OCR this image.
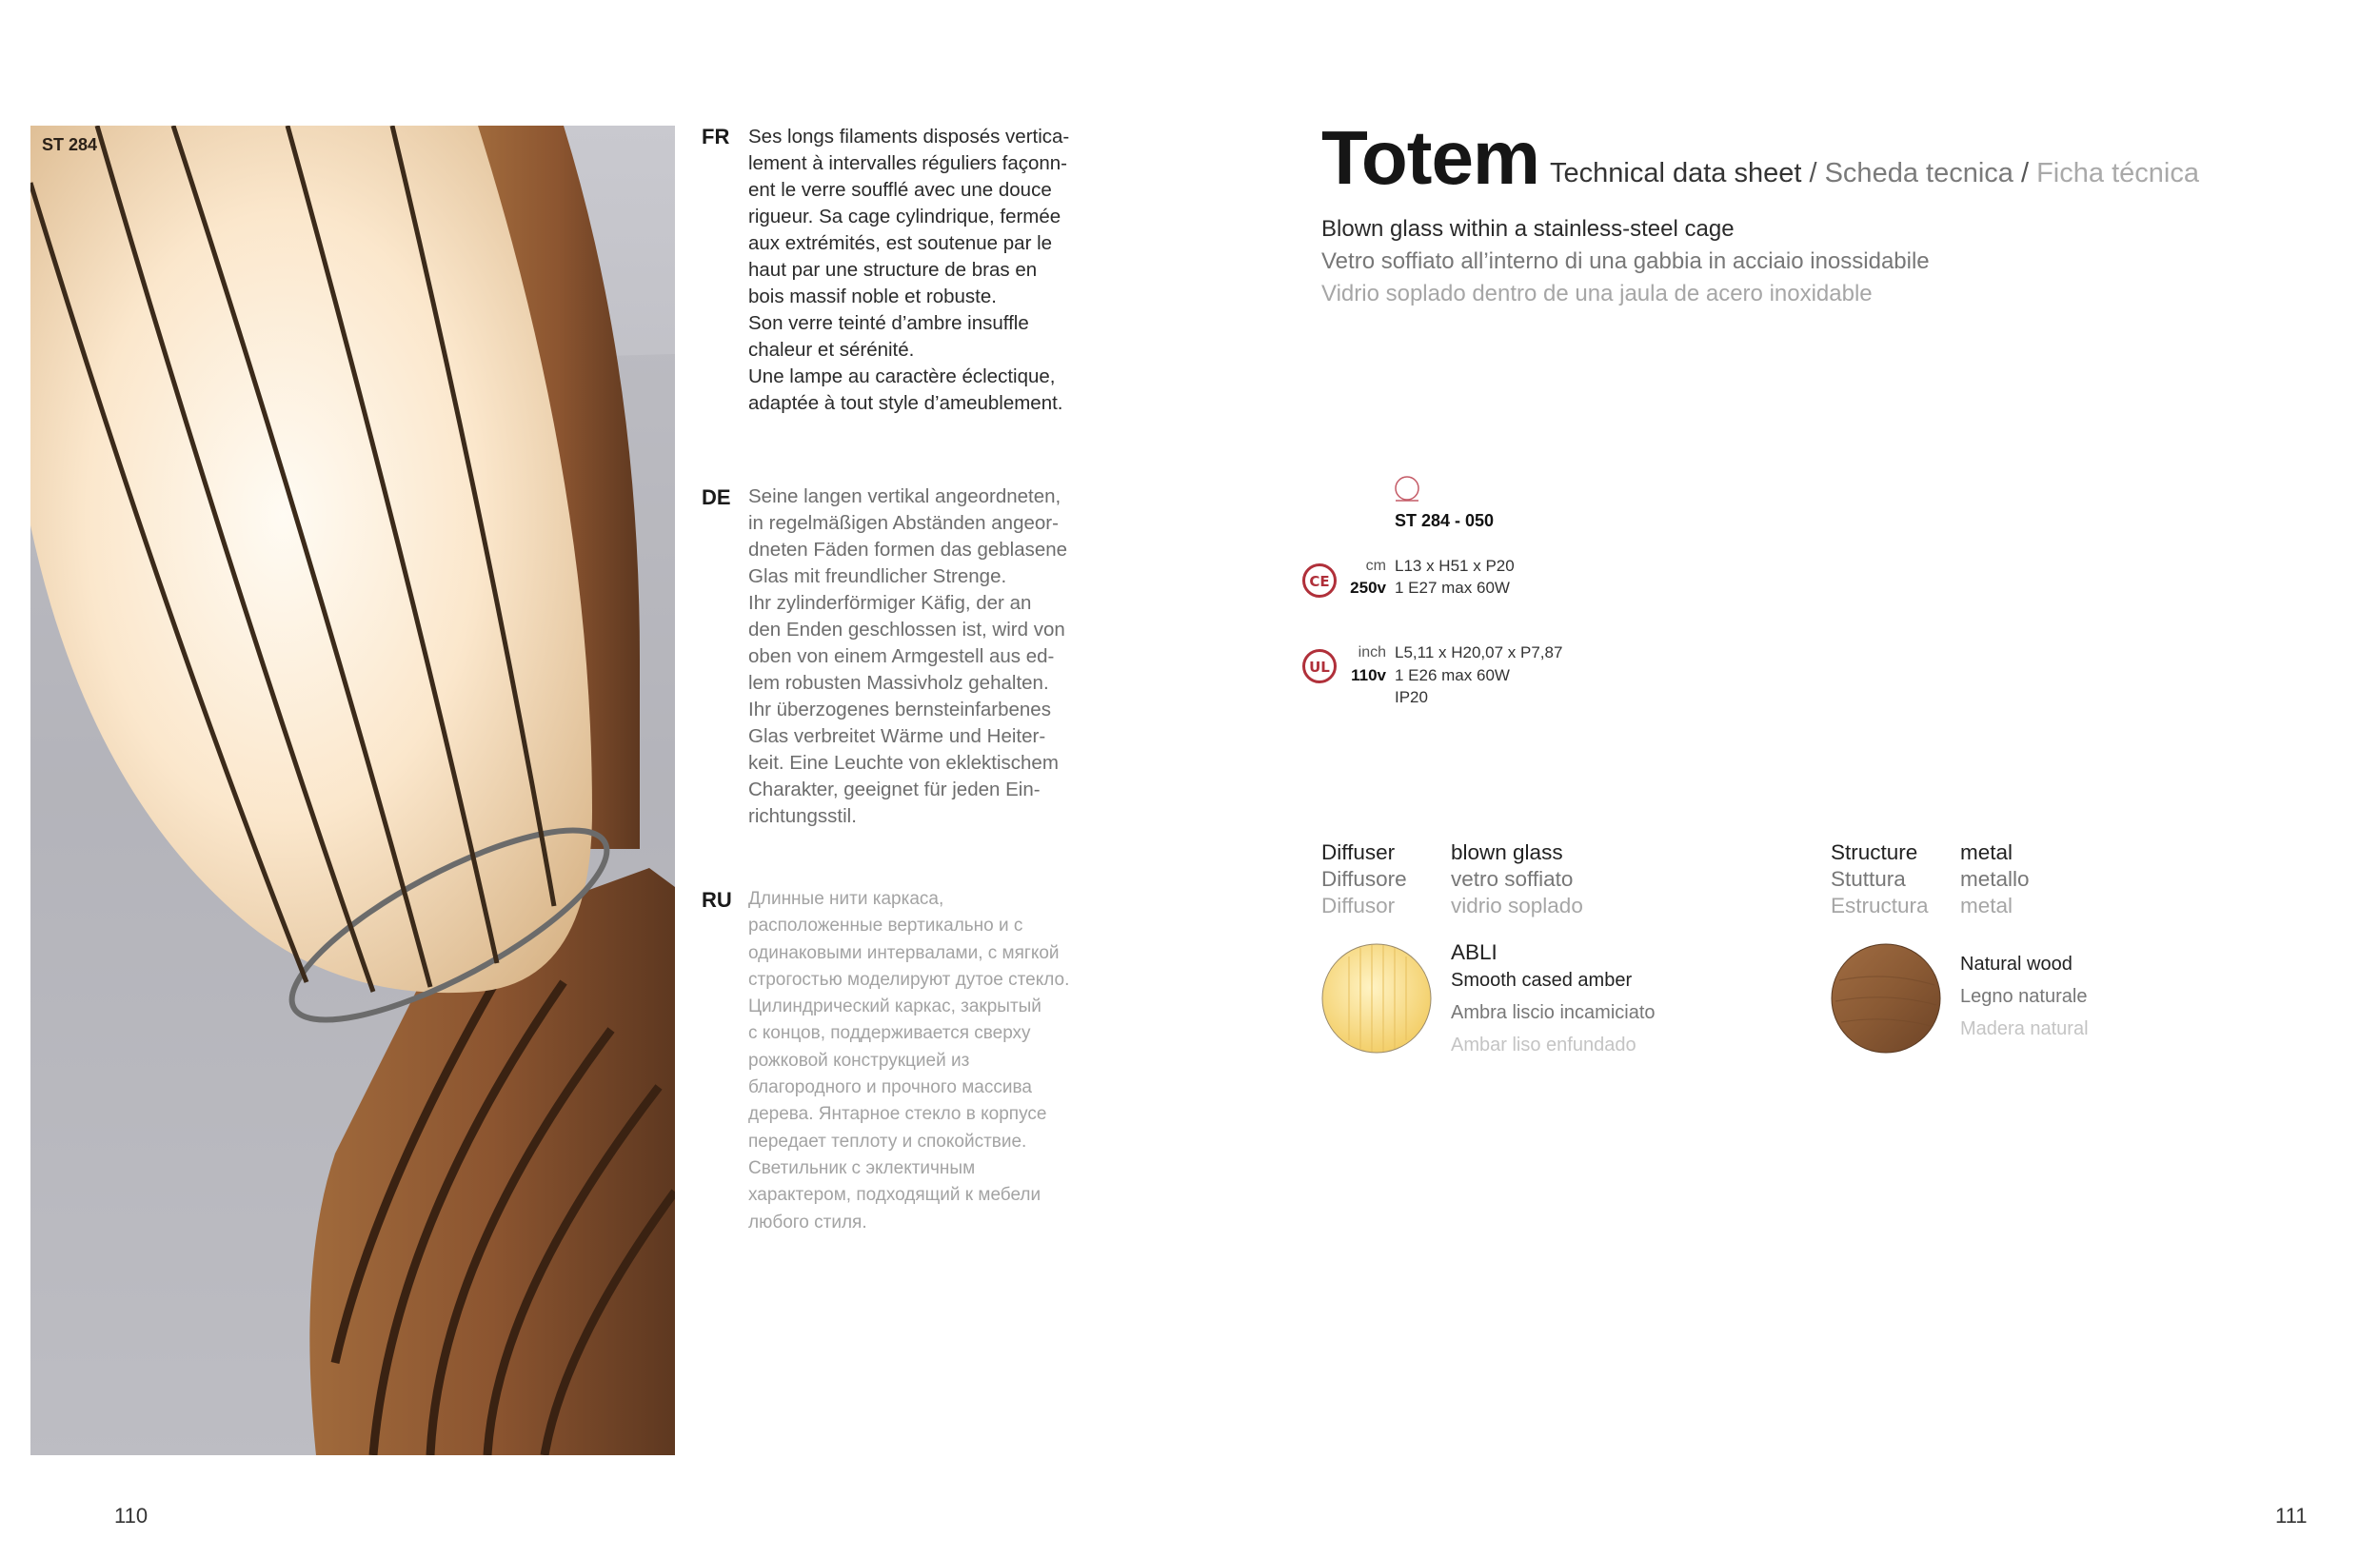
ST 284	FR Ses longs filaments disposés vertica-
lement à intervalles réguliers façonn-
ent le verre soufflé avec une douce
rigueur. Sa cage cylindrique, fermée
aux extrémités, est soutenue par le
haut par une structure de bras en
bois massif noble et robuste.
Son verre teinté d’ambre insuffle
chaleur et sérénité.
Une lampe au caractère éclectique,
adaptée à tout style d’ameublement.
DE Seine langen vertikal angeordneten,
in regelmäßigen Abständen angeor-
dneten Fäden formen das geblasene
Glas mit freundlicher Strenge.
Ihr zylinderförmiger Käfig, der an
den Enden geschlossen ist, wird von
oben von einem Armgestell aus ed-
lem robusten Massivholz gehalten.
Ihr überzogenes bernsteinfarbenes
Glas verbreitet Wärme und Heiter-
keit. Eine Leuchte von eklektischem
Charakter, geeignet für jeden Ein-
richtungsstil.
RU Длинные нити каркаса,
расположенные вертикально и с
одинаковыми интервалами, с мягкой
строгостью моделируют дутое стекло.
Цилиндрический каркас, закрытый
с концов, поддерживается сверху
рожковой конструкцией из
благородного и прочного массива
дерева. Янтарное стекло в корпусе
передает теплоту и спокойствие.
Светильник с эклектичным
характером, подходящий к мебели
любого стиля.
110
Totem Technical data sheet / Scheda tecnica / Ficha técnica
Blown glass within a stainless-steel cage
Vetro soffiato all’interno di una gabbia in acciaio inossidabile
Vidrio soplado dentro de una jaula de acero inoxidable
ST 284 - 050
CE
cm
250v
L13 x H51 x P20
1 E27 max 60W
UL
inch
110v
L5,11 x H20,07 x P7,87
1 E26 max 60W
IP20
Diffuser
Diffusore
Diffusor
blown glass
vetro soffiato
vidrio soplado
ABLI
Smooth cased amber
Ambra liscio incamiciato
Ambar liso enfundado
Structure
Stuttura
Estructura
metal
metallo
metal
Natural wood
Legno naturale
Madera natural
111
